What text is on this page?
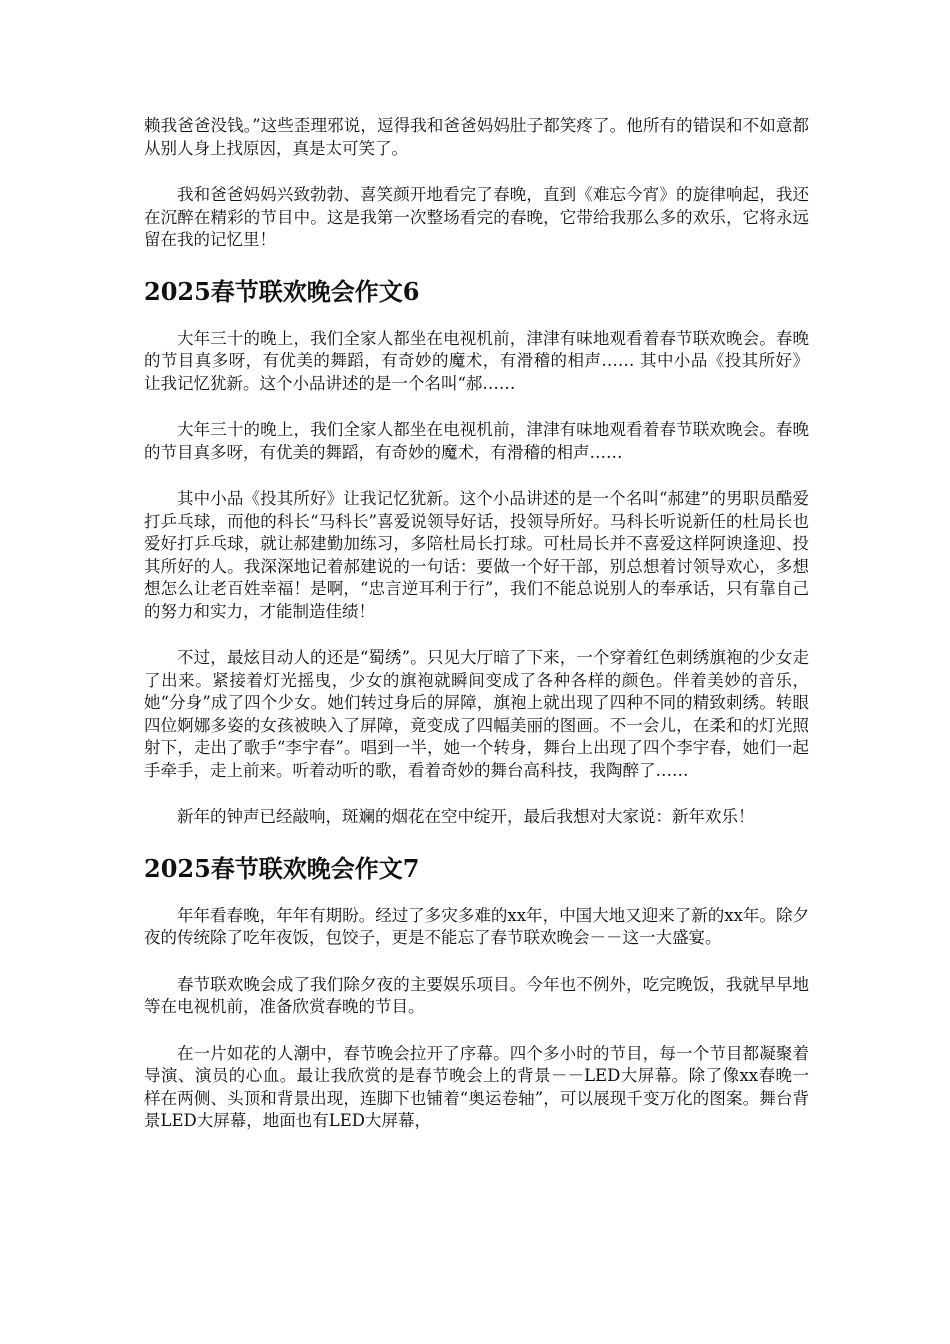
赖我爸爸没钱。”这些歪理邪说，逗得我和爸爸妈妈肚子都笑疼了。他所有的错误和不如意都从别人身上找原因，真是太可笑了。

我和爸爸妈妈兴致勃勃、喜笑颜开地看完了春晚，直到《难忘今宵》的旋律响起，我还在沉醉在精彩的节目中。这是我第一次整场看完的春晚，它带给我那么多的欢乐，它将永远留在我的记忆里！

2025春节联欢晚会作文6

大年三十的晚上，我们全家人都坐在电视机前，津津有味地观看着春节联欢晚会。春晚的节目真多呀，有优美的舞蹈，有奇妙的魔术，有滑稽的相声…… 其中小品《投其所好》让我记忆犹新。这个小品讲述的是一个名叫“郝……

大年三十的晚上，我们全家人都坐在电视机前，津津有味地观看着春节联欢晚会。春晚的节目真多呀，有优美的舞蹈，有奇妙的魔术，有滑稽的相声……

其中小品《投其所好》让我记忆犹新。这个小品讲述的是一个名叫“郝建”的男职员酷爱打乒乓球，而他的科长“马科长”喜爱说领导好话，投领导所好。马科长听说新任的杜局长也爱好打乒乓球，就让郝建勤加练习，多陪杜局长打球。可杜局长并不喜爱这样阿谀逢迎、投其所好的人。我深深地记着郝建说的一句话：要做一个好干部，别总想着讨领导欢心，多想想怎么让老百姓幸福！是啊，“忠言逆耳利于行”，我们不能总说别人的奉承话，只有靠自己的努力和实力，才能制造佳绩！

不过，最炫目动人的还是“蜀绣”。只见大厅暗了下来，一个穿着红色刺绣旗袍的少女走了出来。紧接着灯光摇曳，少女的旗袍就瞬间变成了各种各样的颜色。伴着美妙的音乐，她“分身”成了四个少女。她们转过身后的屏障，旗袍上就出现了四种不同的精致刺绣。转眼四位婀娜多姿的女孩被映入了屏障，竟变成了四幅美丽的图画。不一会儿，在柔和的灯光照射下，走出了歌手“李宇春”。唱到一半，她一个转身，舞台上出现了四个李宇春，她们一起手牵手，走上前来。听着动听的歌，看着奇妙的舞台高科技，我陶醉了……

新年的钟声已经敲响，斑斓的烟花在空中绽开，最后我想对大家说：新年欢乐！

2025春节联欢晚会作文7

年年看春晚，年年有期盼。经过了多灾多难的xx年，中国大地又迎来了新的xx年。除夕夜的传统除了吃年夜饭，包饺子，更是不能忘了春节联欢晚会－－这一大盛宴。

春节联欢晚会成了我们除夕夜的主要娱乐项目。今年也不例外，吃完晚饭，我就早早地等在电视机前，准备欣赏春晚的节目。

在一片如花的人潮中，春节晚会拉开了序幕。四个多小时的节目，每一个节目都凝聚着导演、演员的心血。最让我欣赏的是春节晚会上的背景－－LED大屏幕。除了像xx春晚一样在两侧、头顶和背景出现，连脚下也铺着“奥运卷轴”，可以展现千变万化的图案。舞台背景LED大屏幕，地面也有LED大屏幕，
